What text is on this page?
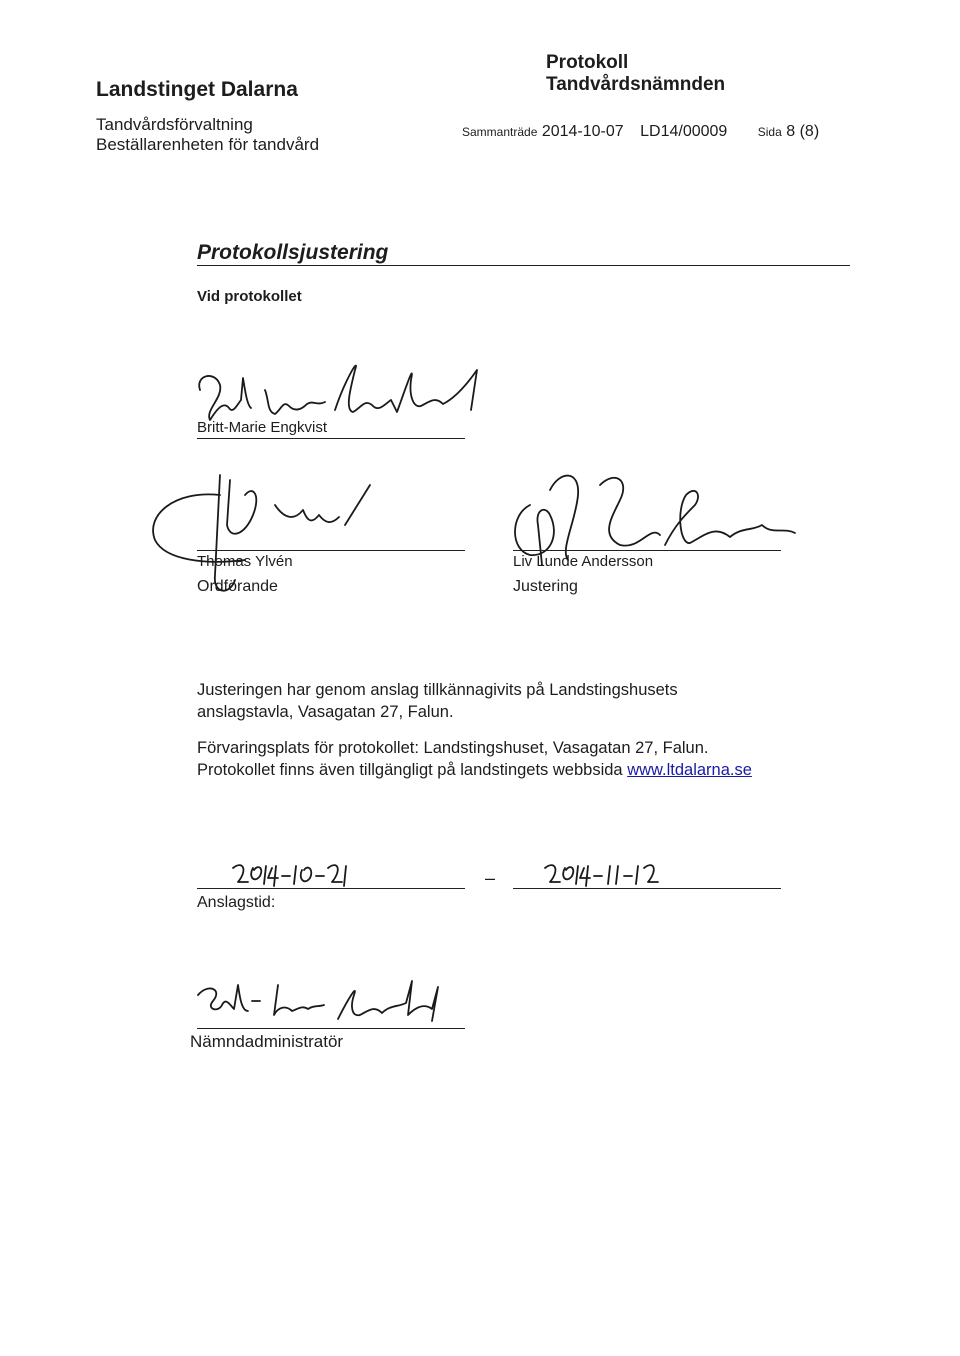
Landstinget Dalarna
Tandvårdsförvaltning
Beställarenheten för tandvård
Protokoll
Tandvårdsnämnden
Sammanträde 2014-10-07 LD14/00009	Sida 8 (8)
Protokollsjustering
Vid protokollet
Britt-Marie Engkvist
Thomas Ylvén
Ordförande
Liv Lunde Andersson
Justering
Justeringen har genom anslag tillkännagivits på Landstingshusets
anslagstavla, Vasagatan 27, Falun.
Förvaringsplats för protokollet: Landstingshuset, Vasagatan 27, Falun.
Protokollet finns även tillgängligt på landstingets webbsida www.ltdalarna.se
–
Anslagstid:
Nämndadministratör
